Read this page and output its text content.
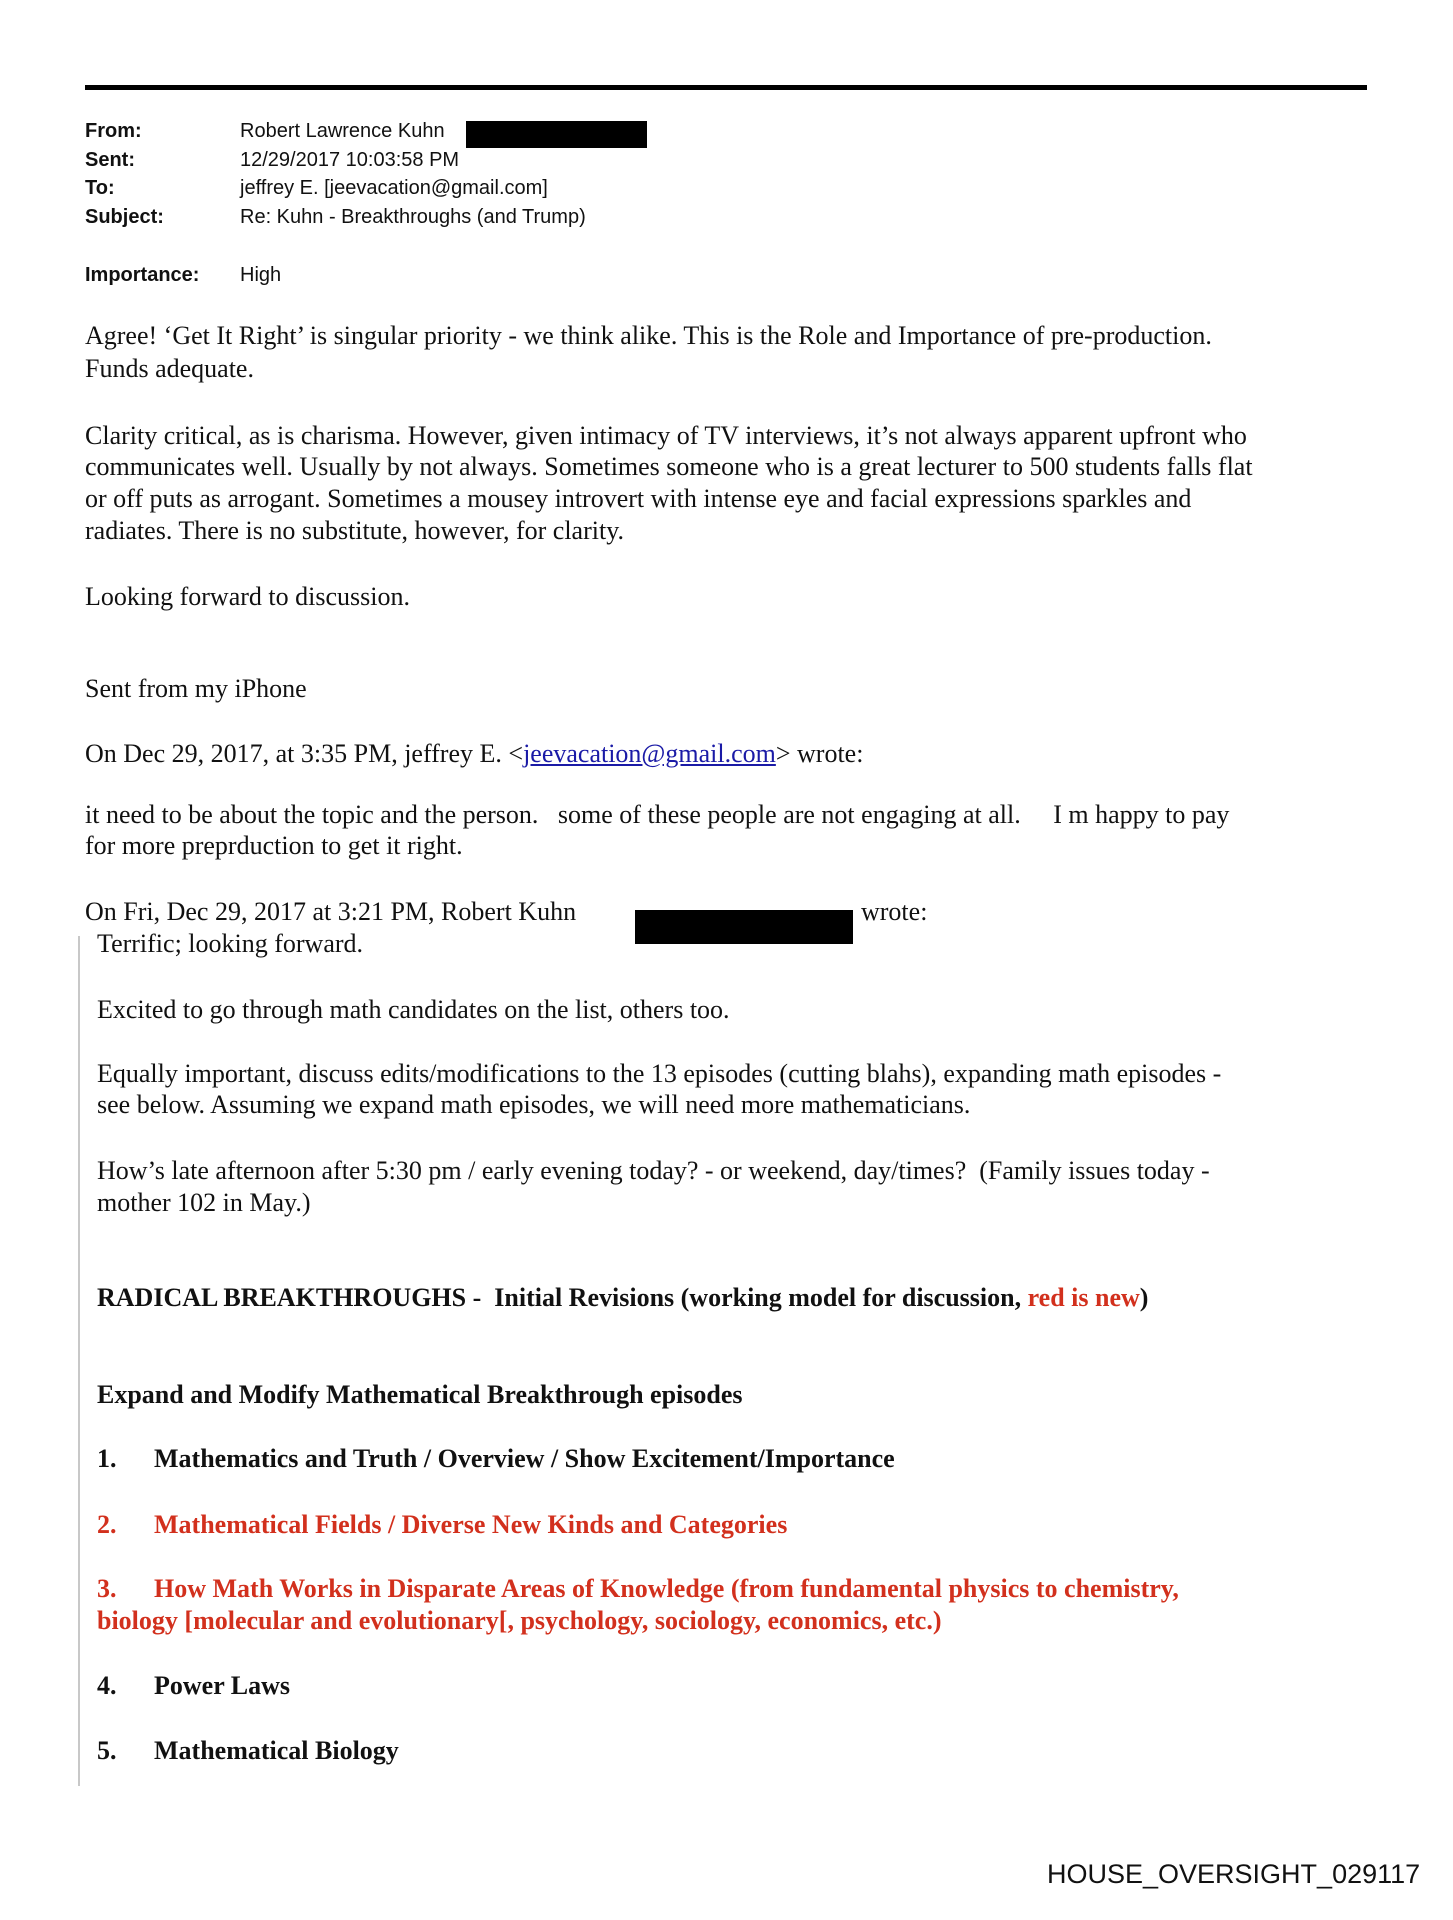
From:	Robert Lawrence Kuhn
Sent:	12/29/2017 10:03:58 PM
To:	jeffrey E. [jeevacation@gmail.com]
Subject:	Re: Kuhn - Breakthroughs (and Trump)
Importance: High
Agree! ‘Get It Right’ is singular priority - we think alike. This is the Role and Importance of pre-production.
Funds adequate.
Clarity critical, as is charisma. However, given intimacy of TV interviews, it’s not always apparent upfront who
communicates well. Usually by not always. Sometimes someone who is a great lecturer to 500 students falls flat
or off puts as arrogant. Sometimes a mousey introvert with intense eye and facial expressions sparkles and
radiates. There is no substitute, however, for clarity.
Looking forward to discussion.
Sent from my iPhone
On Dec 29, 2017, at 3:35 PM, jeffrey E. <jeevacation@gmail.com> wrote:
it need to be about the topic and the person.   some of these people are not engaging at all.     I m happy to pay
for more preprduction to get it right.
On Fri, Dec 29, 2017 at 3:21 PM, Robert Kuhn	wrote:
Terrific; looking forward.
Excited to go through math candidates on the list, others too.
Equally important, discuss edits/modifications to the 13 episodes (cutting blahs), expanding math episodes -
see below. Assuming we expand math episodes, we will need more mathematicians.
How’s late afternoon after 5:30 pm / early evening today? - or weekend, day/times?  (Family issues today -
mother 102 in May.)
RADICAL BREAKTHROUGHS -  Initial Revisions (working model for discussion, red is new)
Expand and Modify Mathematical Breakthrough episodes
1. Mathematics and Truth / Overview / Show Excitement/Importance
2. Mathematical Fields / Diverse New Kinds and Categories
3. How Math Works in Disparate Areas of Knowledge (from fundamental physics to chemistry,
biology [molecular and evolutionary[, psychology, sociology, economics, etc.)
4. Power Laws
5. Mathematical Biology
HOUSE_OVERSIGHT_029117
